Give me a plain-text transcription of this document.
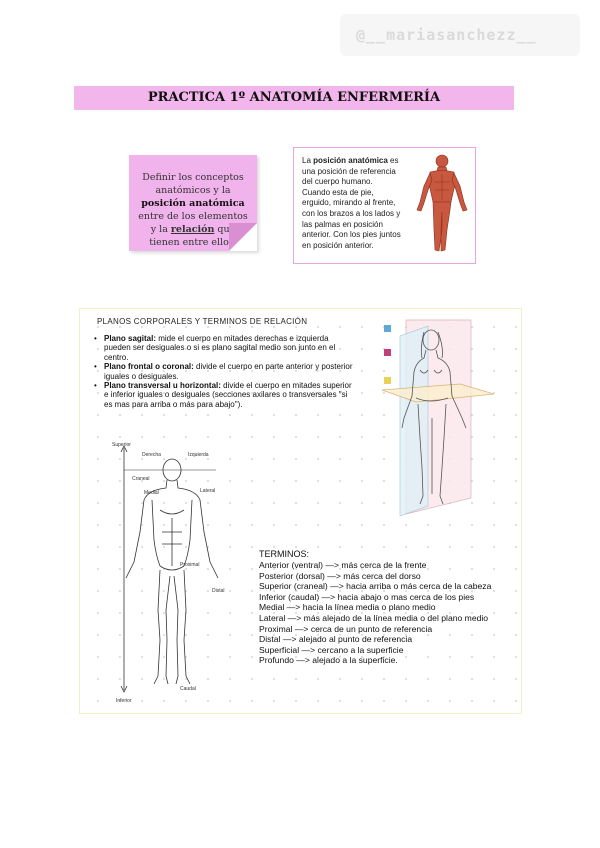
@__mariasanchezz__
PRACTICA 1º ANATOMÍA ENFERMERÍA

Definir los conceptos anatómicos y la posición anatómica entre de los elementos y la relación que tienen entre ellos.

La posición anatómica es una posición de referencia del cuerpo humano. Cuando esta de pie, erguido, mirando al frente, con los brazos a los lados y las palmas en posición anterior. Con los pies juntos en posición anterior.

PLANOS CORPORALES Y TERMINOS DE RELACIÓN
• Plano sagital: mide el cuerpo en mitades derechas e izquierda pueden ser desiguales o si es plano sagital medio son junto en el centro.
• Plano frontal o coronal: divide el cuerpo en parte anterior y posterior iguales o desiguales.
• Plano transversal u horizontal: divide el cuerpo en mitades superior e inferior iguales o desiguales (secciones axilares o transversales "si es mas para arriba o más para abajo").
Superior
Derecha	Izquierda
Craneal
Medial	Lateral
Proximal
Distal
Caudal
Inferior
TERMINOS:
Anterior (ventral) —> más cerca de la frente
Posterior (dorsal) —> más cerca del dorso
Superior (craneal) —> hacia arriba o más cerca de la cabeza
Inferior (caudal) —> hacia abajo o mas cerca de los pies
Medial —> hacia la línea media o plano medio
Lateral —> más alejado de la línea media o del plano medio
Proximal —> cerca de un punto de referencia
Distal —> alejado al punto de referencia
Superficial —> cercano a la superficie
Profundo —> alejado a la superficie.
